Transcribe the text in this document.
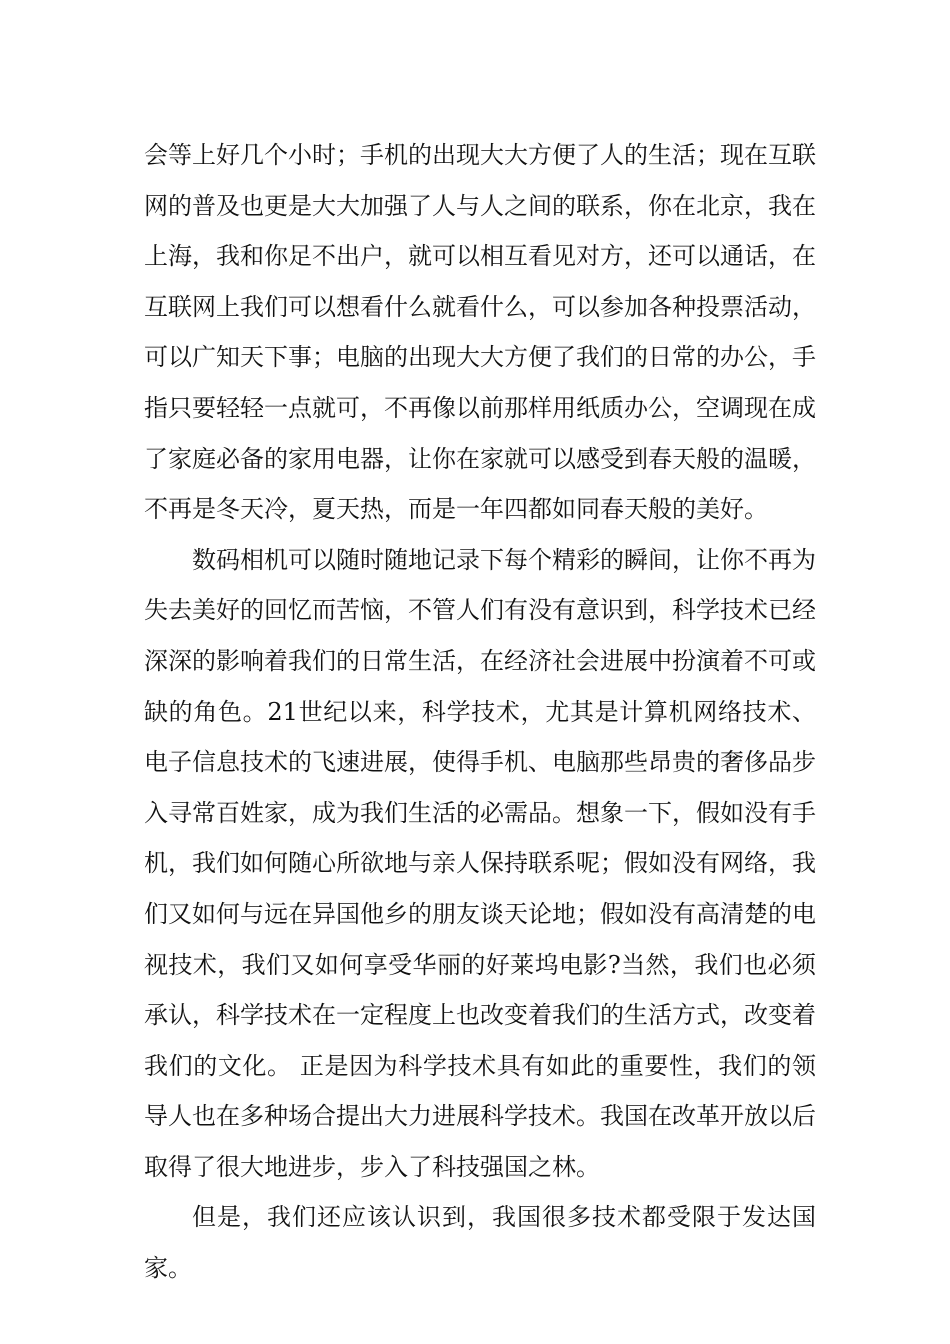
会等上好几个小时；手机的出现大大方便了人的生活；现在互联网的普及也更是大大加强了人与人之间的联系，你在北京，我在上海，我和你足不出户，就可以相互看见对方，还可以通话，在互联网上我们可以想看什么就看什么，可以参加各种投票活动，可以广知天下事；电脑的出现大大方便了我们的日常的办公，手指只要轻轻一点就可，不再像以前那样用纸质办公，空调现在成了家庭必备的家用电器，让你在家就可以感受到春天般的温暖，不再是冬天冷，夏天热，而是一年四都如同春天般的美好。

数码相机可以随时随地记录下每个精彩的瞬间，让你不再为失去美好的回忆而苦恼，不管人们有没有意识到，科学技术已经深深的影响着我们的日常生活，在经济社会进展中扮演着不可或缺的角色。21世纪以来，科学技术，尤其是计算机网络技术、电子信息技术的飞速进展，使得手机、电脑那些昂贵的奢侈品步入寻常百姓家，成为我们生活的必需品。想象一下，假如没有手机，我们如何随心所欲地与亲人保持联系呢；假如没有网络，我们又如何与远在异国他乡的朋友谈天论地；假如没有高清楚的电视技术，我们又如何享受华丽的好莱坞电影?当然，我们也必须承认，科学技术在一定程度上也改变着我们的生活方式，改变着我们的文化。 正是因为科学技术具有如此的重要性，我们的领导人也在多种场合提出大力进展科学技术。我国在改革开放以后取得了很大地进步，步入了科技强国之林。

但是，我们还应该认识到，我国很多技术都受限于发达国家。
